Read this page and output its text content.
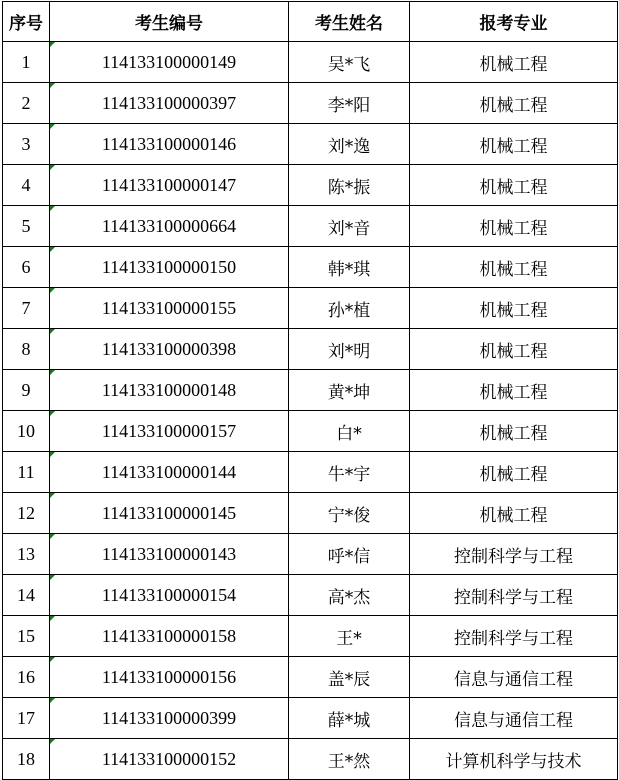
序号	考生编号	考生姓名	报考专业
1	114133100000149	吴*飞	机械工程
2	114133100000397	李*阳	机械工程
3	114133100000146	刘*逸	机械工程
4	114133100000147	陈*振	机械工程
5	114133100000664	刘*音	机械工程
6	114133100000150	韩*琪	机械工程
7	114133100000155	孙*植	机械工程
8	114133100000398	刘*明	机械工程
9	114133100000148	黄*坤	机械工程
10	114133100000157	白*	机械工程
11	114133100000144	牛*宇	机械工程
12	114133100000145	宁*俊	机械工程
13	114133100000143	呼*信	控制科学与工程
14	114133100000154	高*杰	控制科学与工程
15	114133100000158	王*	控制科学与工程
16	114133100000156	盖*辰	信息与通信工程
17	114133100000399	薛*城	信息与通信工程
18	114133100000152	王*然	计算机科学与技术
